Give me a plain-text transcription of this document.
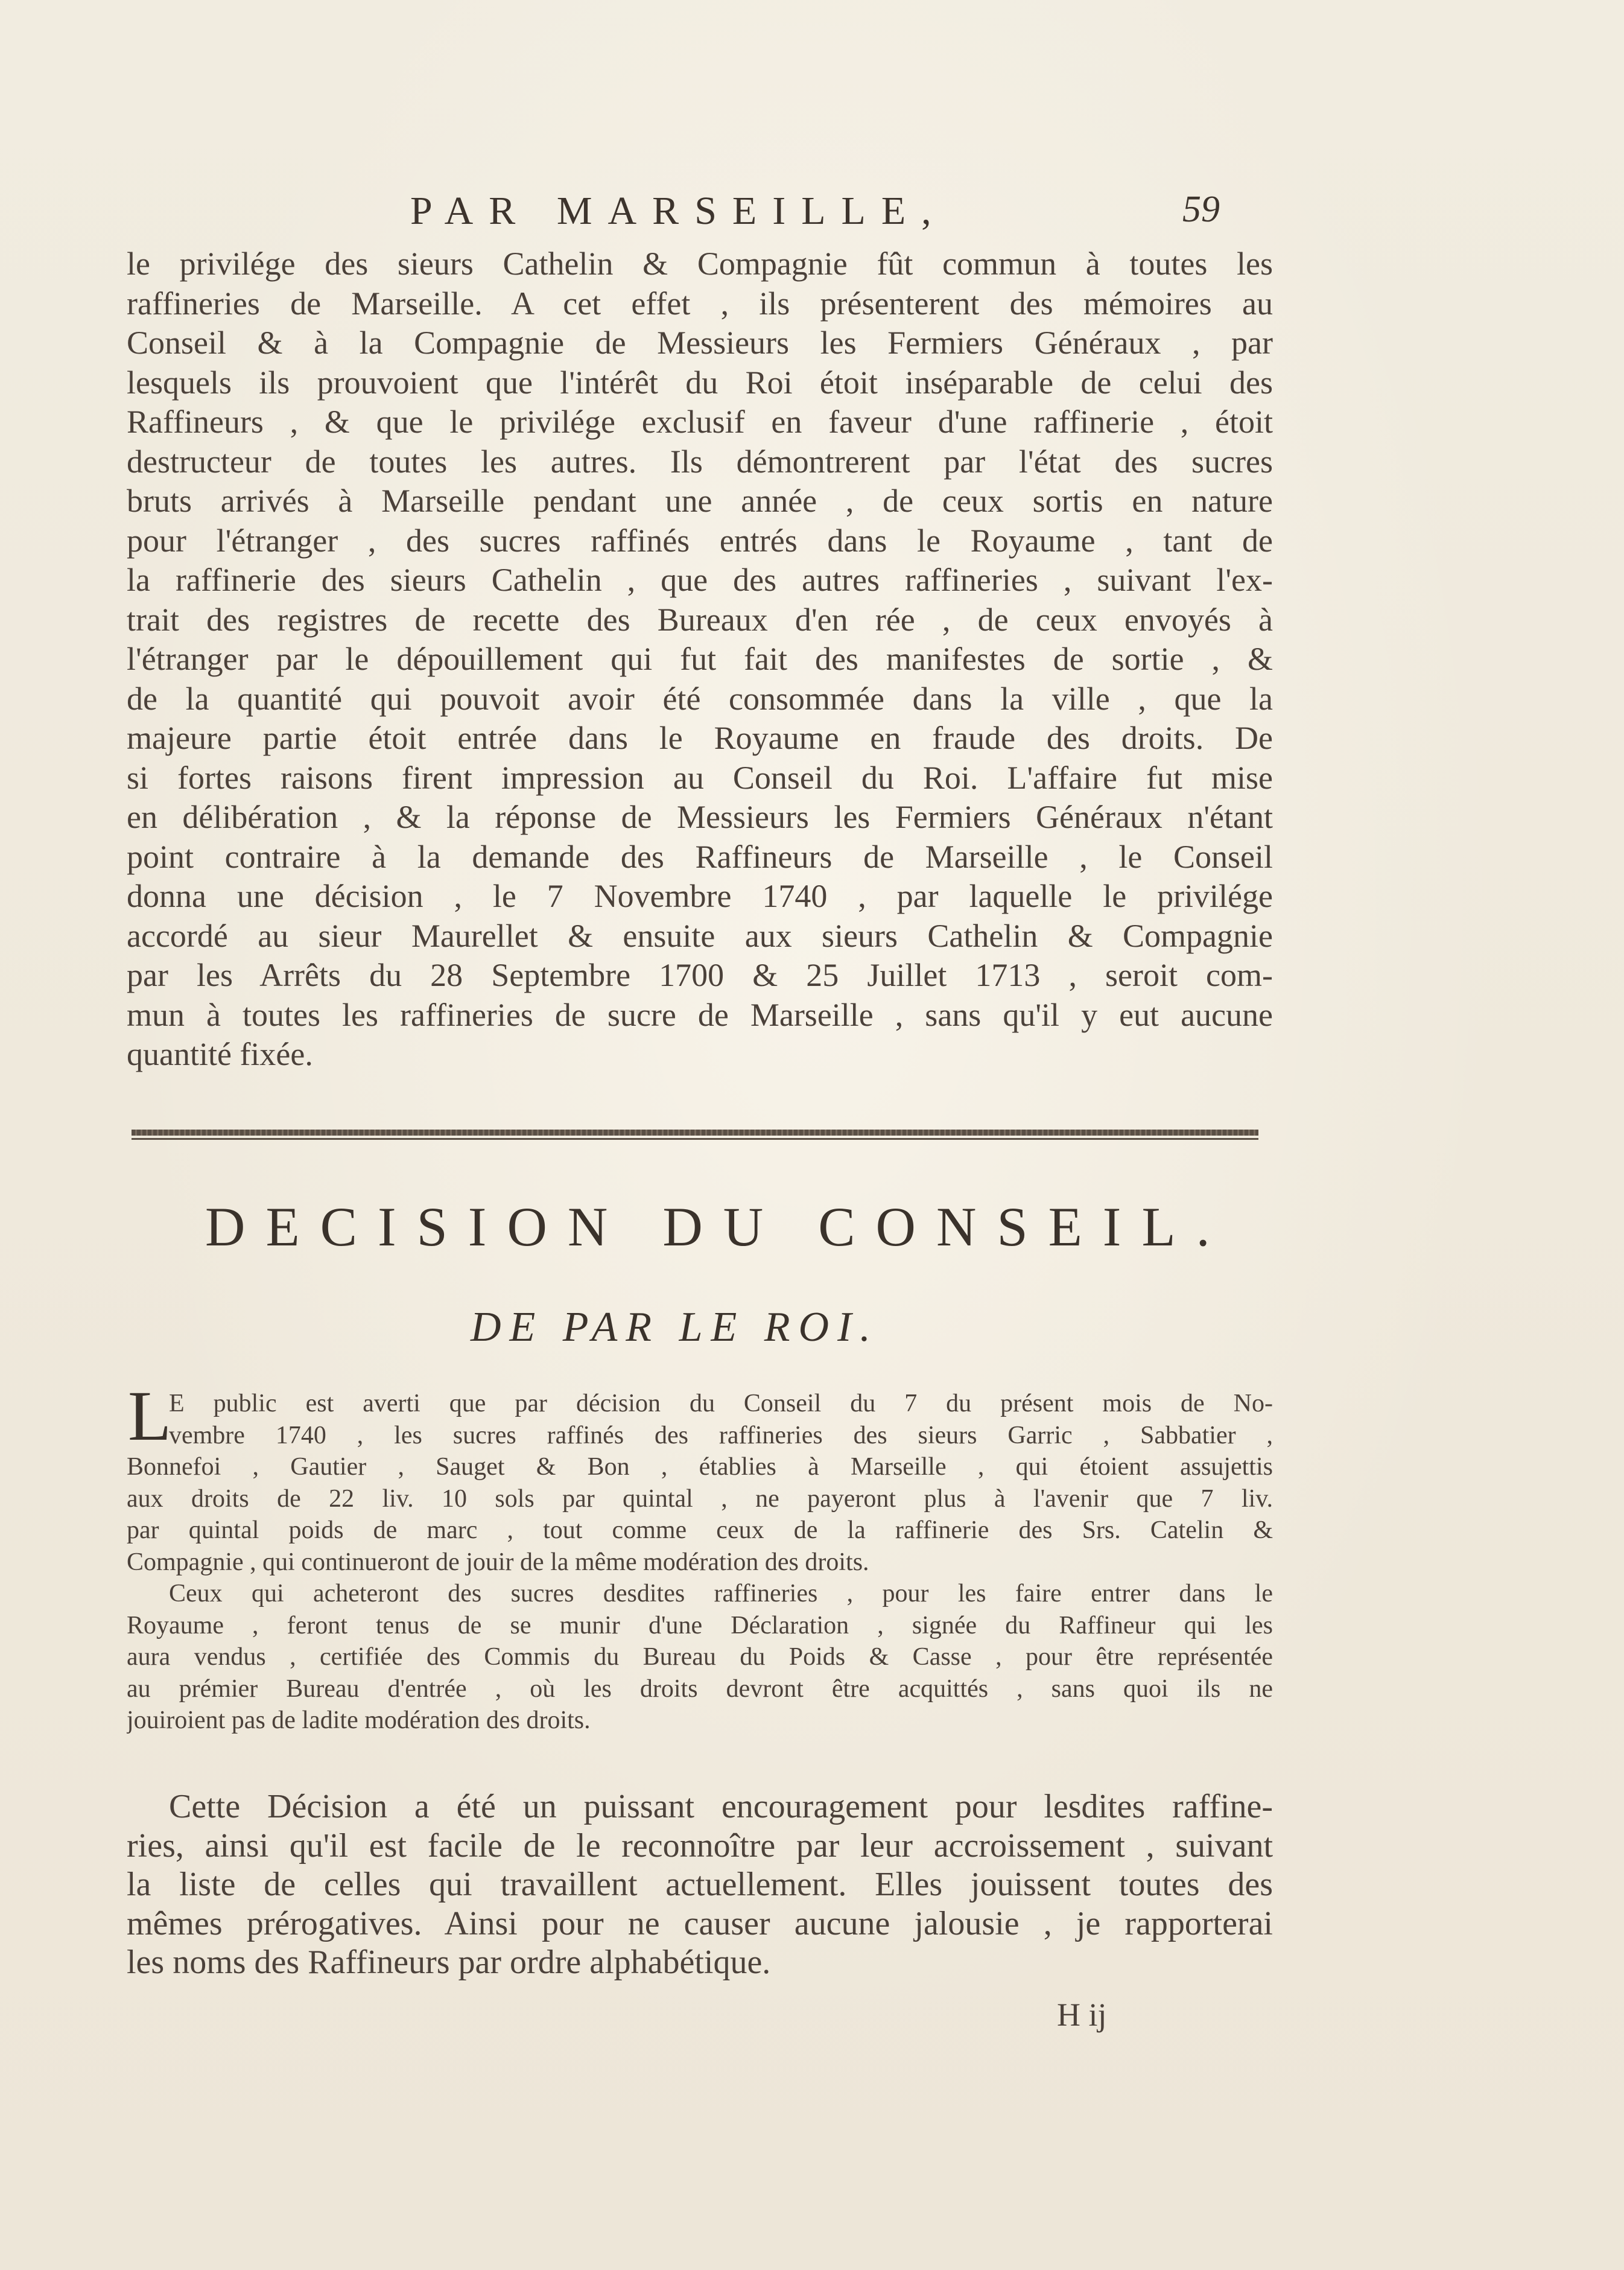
PAR MARSEILLE,	59
le privilége des sieurs Cathelin & Compagnie fût commun à toutes les
raffineries de Marseille. A cet effet , ils présenterent des mémoires au
Conseil & à la Compagnie de Messieurs les Fermiers Généraux , par
lesquels ils prouvoient que l'intérêt du Roi étoit inséparable de celui des
Raffineurs , & que le privilége exclusif en faveur d'une raffinerie , étoit
destructeur de toutes les autres. Ils démontrerent par l'état des sucres
bruts arrivés à Marseille pendant une année , de ceux sortis en nature
pour l'étranger , des sucres raffinés entrés dans le Royaume , tant de
la raffinerie des sieurs Cathelin , que des autres raffineries , suivant l'ex-
trait des registres de recette des Bureaux d'en rée , de ceux envoyés à
l'étranger par le dépouillement qui fut fait des manifestes de sortie , &
de la quantité qui pouvoit avoir été consommée dans la ville , que la
majeure partie étoit entrée dans le Royaume en fraude des droits. De
si fortes raisons firent impression au Conseil du Roi. L'affaire fut mise
en délibération , & la réponse de Messieurs les Fermiers Généraux n'étant
point contraire à la demande des Raffineurs de Marseille , le Conseil
donna une décision , le 7 Novembre 1740 , par laquelle le privilége
accordé au sieur Maurellet & ensuite aux sieurs Cathelin & Compagnie
par les Arrêts du 28 Septembre 1700 & 25 Juillet 1713 , seroit com-
mun à toutes les raffineries de sucre de Marseille , sans qu'il y eut aucune
quantité fixée.
DECISION DU CONSEIL.
DE PAR LE ROI.
L
E public est averti que par décision du Conseil du 7 du présent mois de No-
vembre 1740 , les sucres raffinés des raffineries des sieurs Garric , Sabbatier ,
Bonnefoi , Gautier , Sauget & Bon , établies à Marseille , qui étoient assujettis
aux droits de 22 liv. 10 sols par quintal , ne payeront plus à l'avenir que 7 liv.
par quintal poids de marc , tout comme ceux de la raffinerie des Srs. Catelin &
Compagnie , qui continueront de jouir de la même modération des droits.
Ceux qui acheteront des sucres desdites raffineries , pour les faire entrer dans le
Royaume , feront tenus de se munir d'une Déclaration , signée du Raffineur qui les
aura vendus , certifiée des Commis du Bureau du Poids & Casse , pour être représentée
au prémier Bureau d'entrée , où les droits devront être acquittés , sans quoi ils ne
jouiroient pas de ladite modération des droits.
Cette Décision a été un puissant encouragement pour lesdites raffine-
ries, ainsi qu'il est facile de le reconnoître par leur accroissement , suivant
la liste de celles qui travaillent actuellement. Elles jouissent toutes des
mêmes prérogatives. Ainsi pour ne causer aucune jalousie , je rapporterai
les noms des Raffineurs par ordre alphabétique.
H ij
